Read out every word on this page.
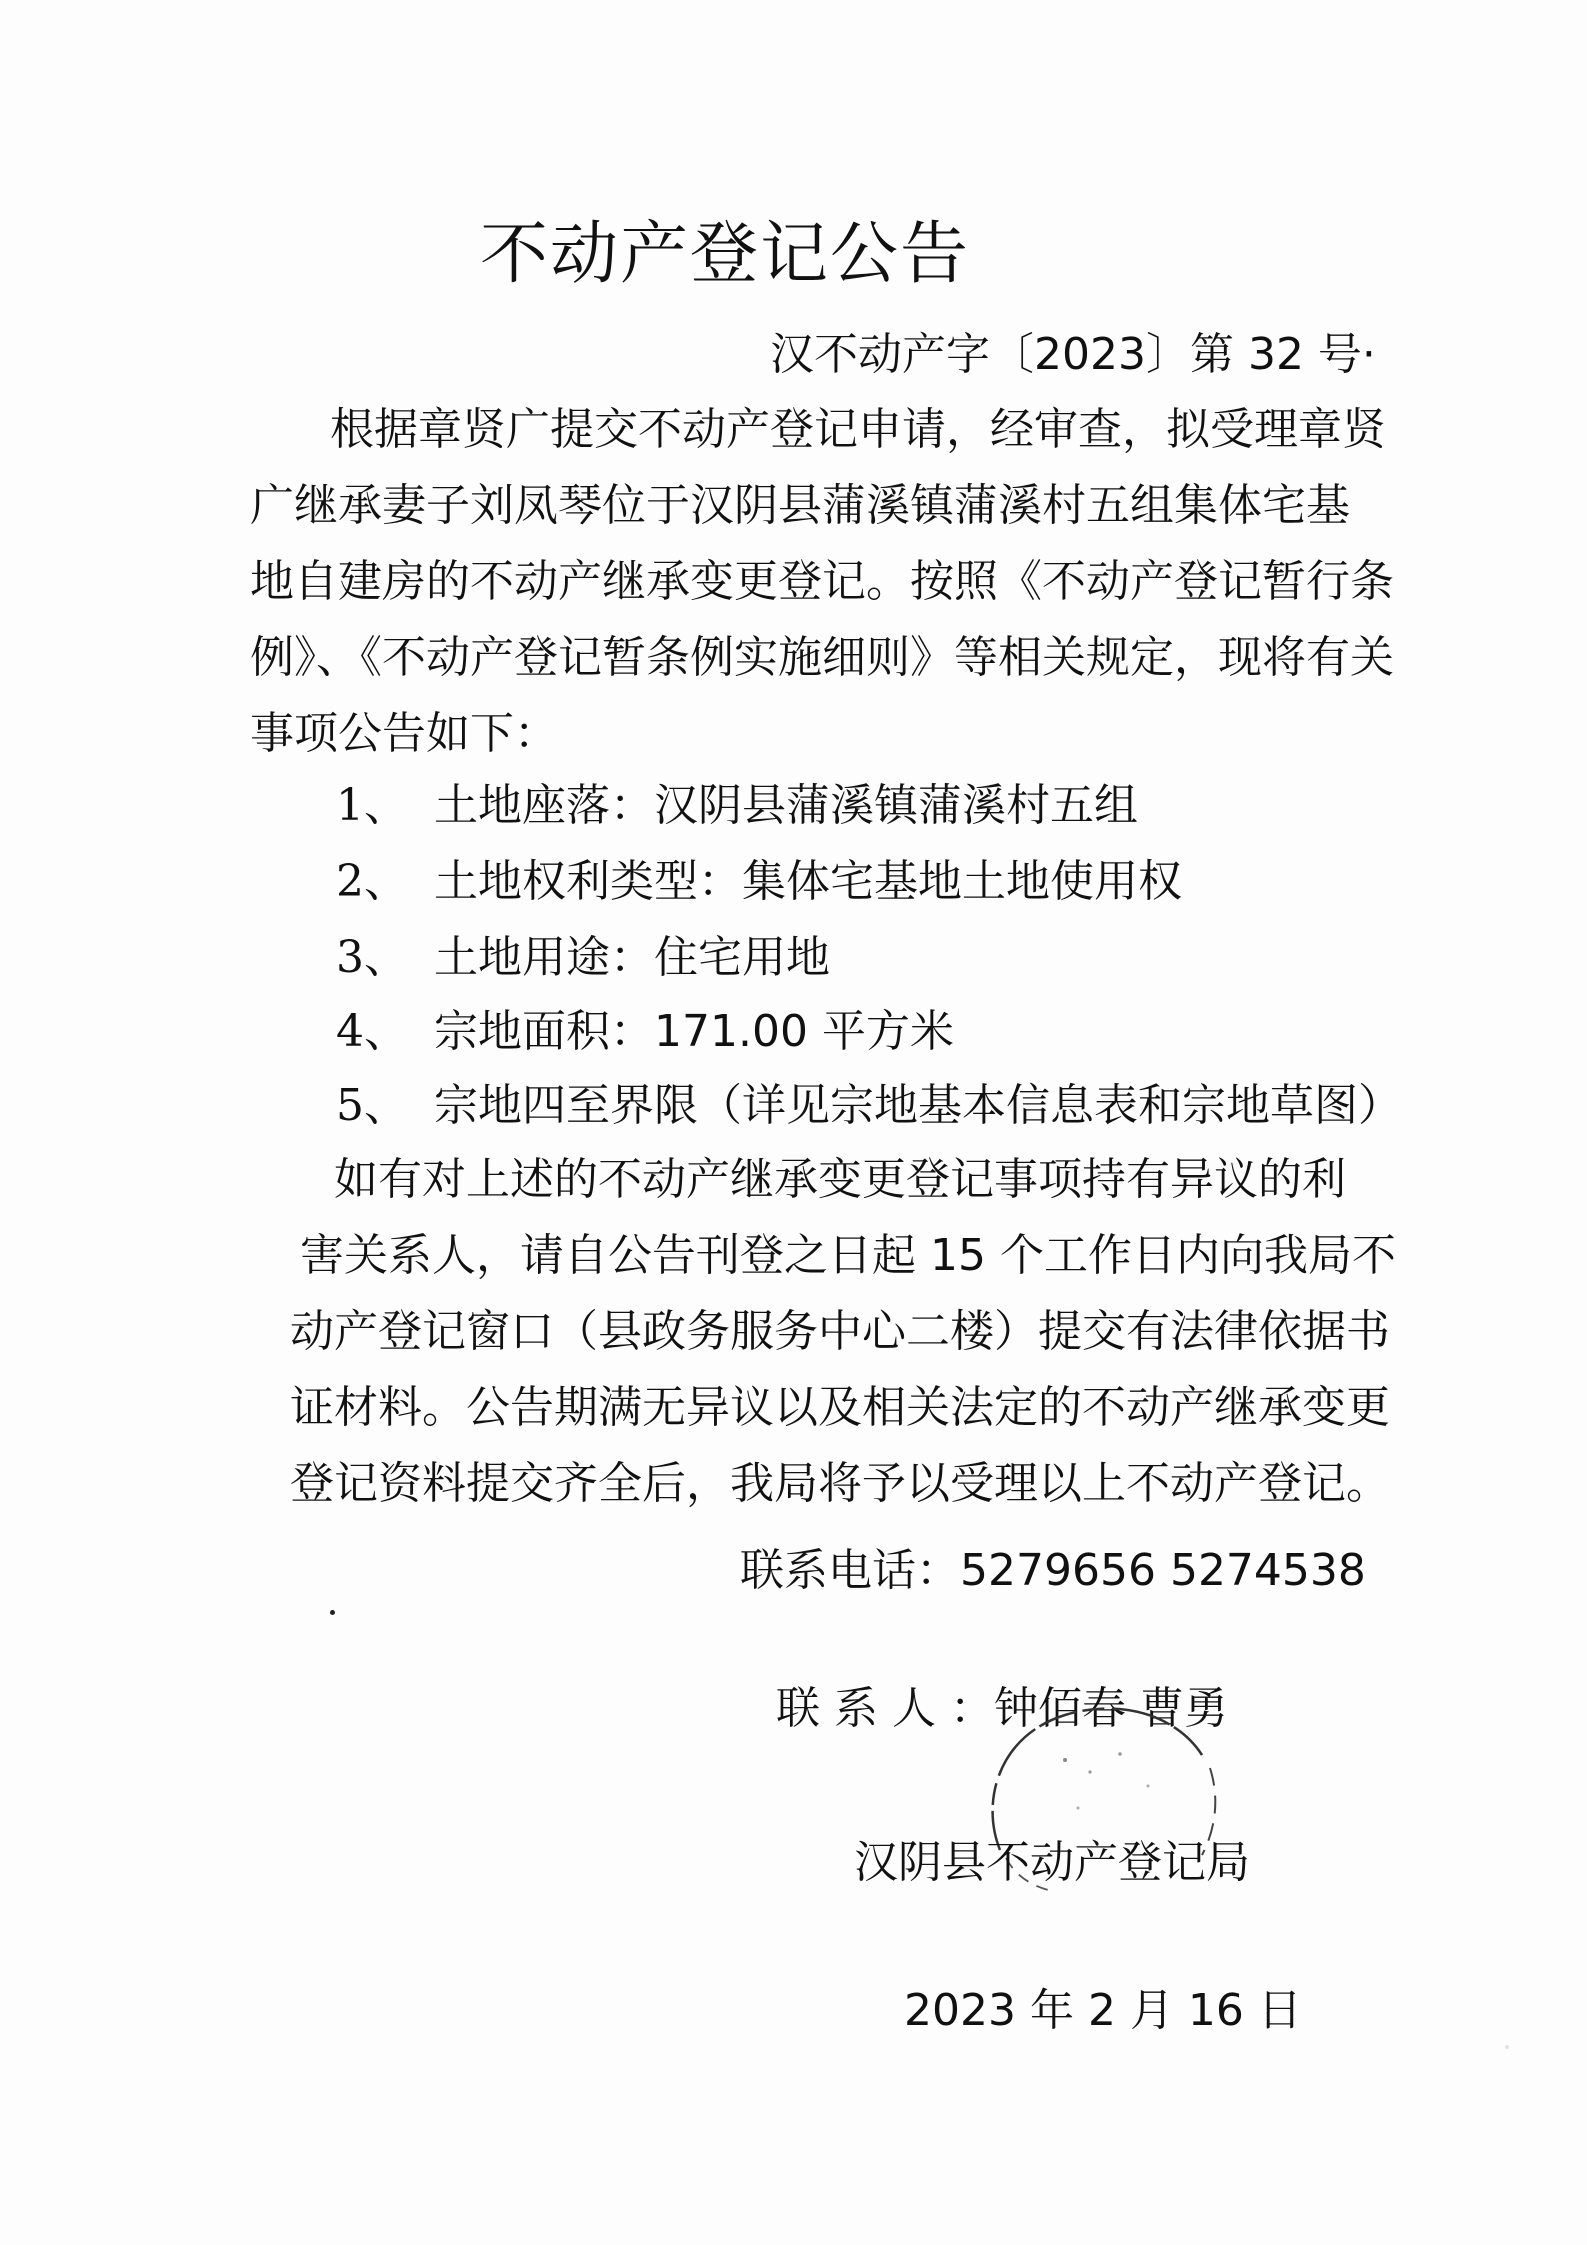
不动产登记公告
汉不动产字〔2023〕第 32 号·
根据章贤广提交不动产登记申请，经审查，拟受理章贤
广继承妻子刘凤琴位于汉阴县蒲溪镇蒲溪村五组集体宅基
地自建房的不动产继承变更登记。按照《不动产登记暂行条
例》、《不动产登记暂条例实施细则》等相关规定，现将有关
事项公告如下：
1、 土地座落：汉阴县蒲溪镇蒲溪村五组
2、 土地权利类型：集体宅基地土地使用权
3、 土地用途：住宅用地
4、 宗地面积：171.00 平方米
5、 宗地四至界限（详见宗地基本信息表和宗地草图）
如有对上述的不动产继承变更登记事项持有异议的利
害关系人，请自公告刊登之日起 15 个工作日内向我局不
动产登记窗口（县政务服务中心二楼）提交有法律依据书
证材料。公告期满无异议以及相关法定的不动产继承变更
登记资料提交齐全后，我局将予以受理以上不动产登记。
联系电话：5279656 5274538
联系人：钟佰春 曹勇
汉阴县不动产登记局
2023 年 2 月 16 日
